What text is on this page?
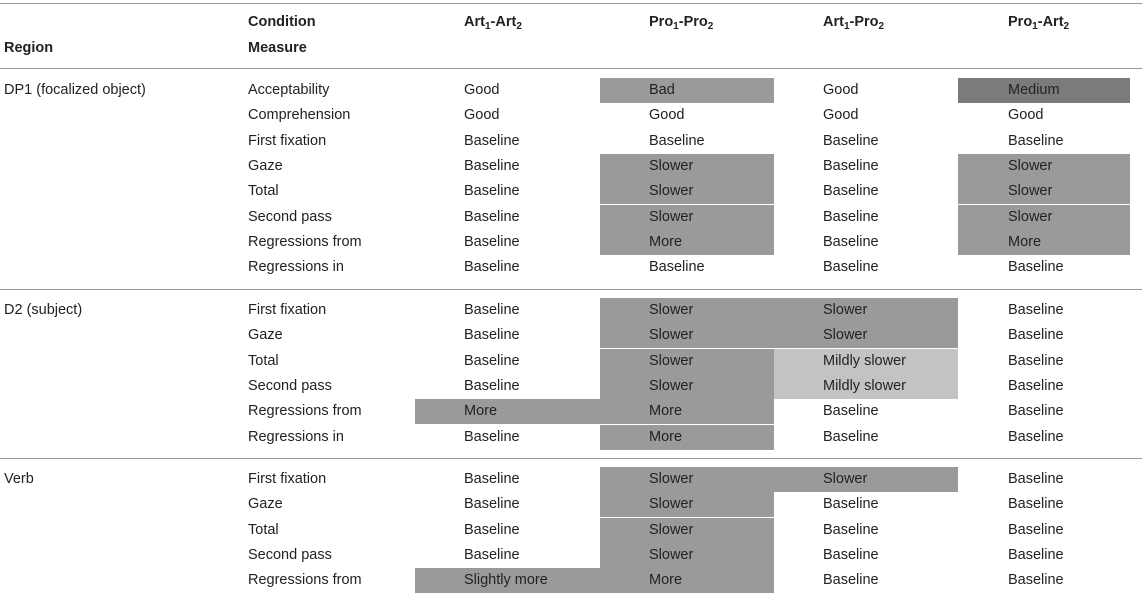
Region
Condition
Measure
Art$_1$-Art$_2$	Pro$_1$-Pro$_2$	Art$_1$-Pro$_2$	Pro$_1$-Art$_2$
DP1 (focalized object)	Acceptability	Good	Bad	Good	Medium
Comprehension	Good	Good	Good	Good
First fixation	Baseline	Baseline	Baseline	Baseline
Gaze	Baseline	Slower	Baseline	Slower
Total	Baseline	Slower	Baseline	Slower
Second pass	Baseline	Slower	Baseline	Slower
Regressions from	Baseline	More	Baseline	More
Regressions in	Baseline	Baseline	Baseline	Baseline
D2 (subject)	First fixation	Baseline	Slower	Slower	Baseline
Gaze	Baseline	Slower	Slower	Baseline
Total	Baseline	Slower	Mildly slower	Baseline
Second pass	Baseline	Slower	Mildly slower	Baseline
Regressions from	More	More	Baseline	Baseline
Regressions in	Baseline	More	Baseline	Baseline
Verb	First fixation	Baseline	Slower	Slower	Baseline
Gaze	Baseline	Slower	Baseline	Baseline
Total	Baseline	Slower	Baseline	Baseline
Second pass	Baseline	Slower	Baseline	Baseline
Regressions from	Slightly more	More	Baseline	Baseline
